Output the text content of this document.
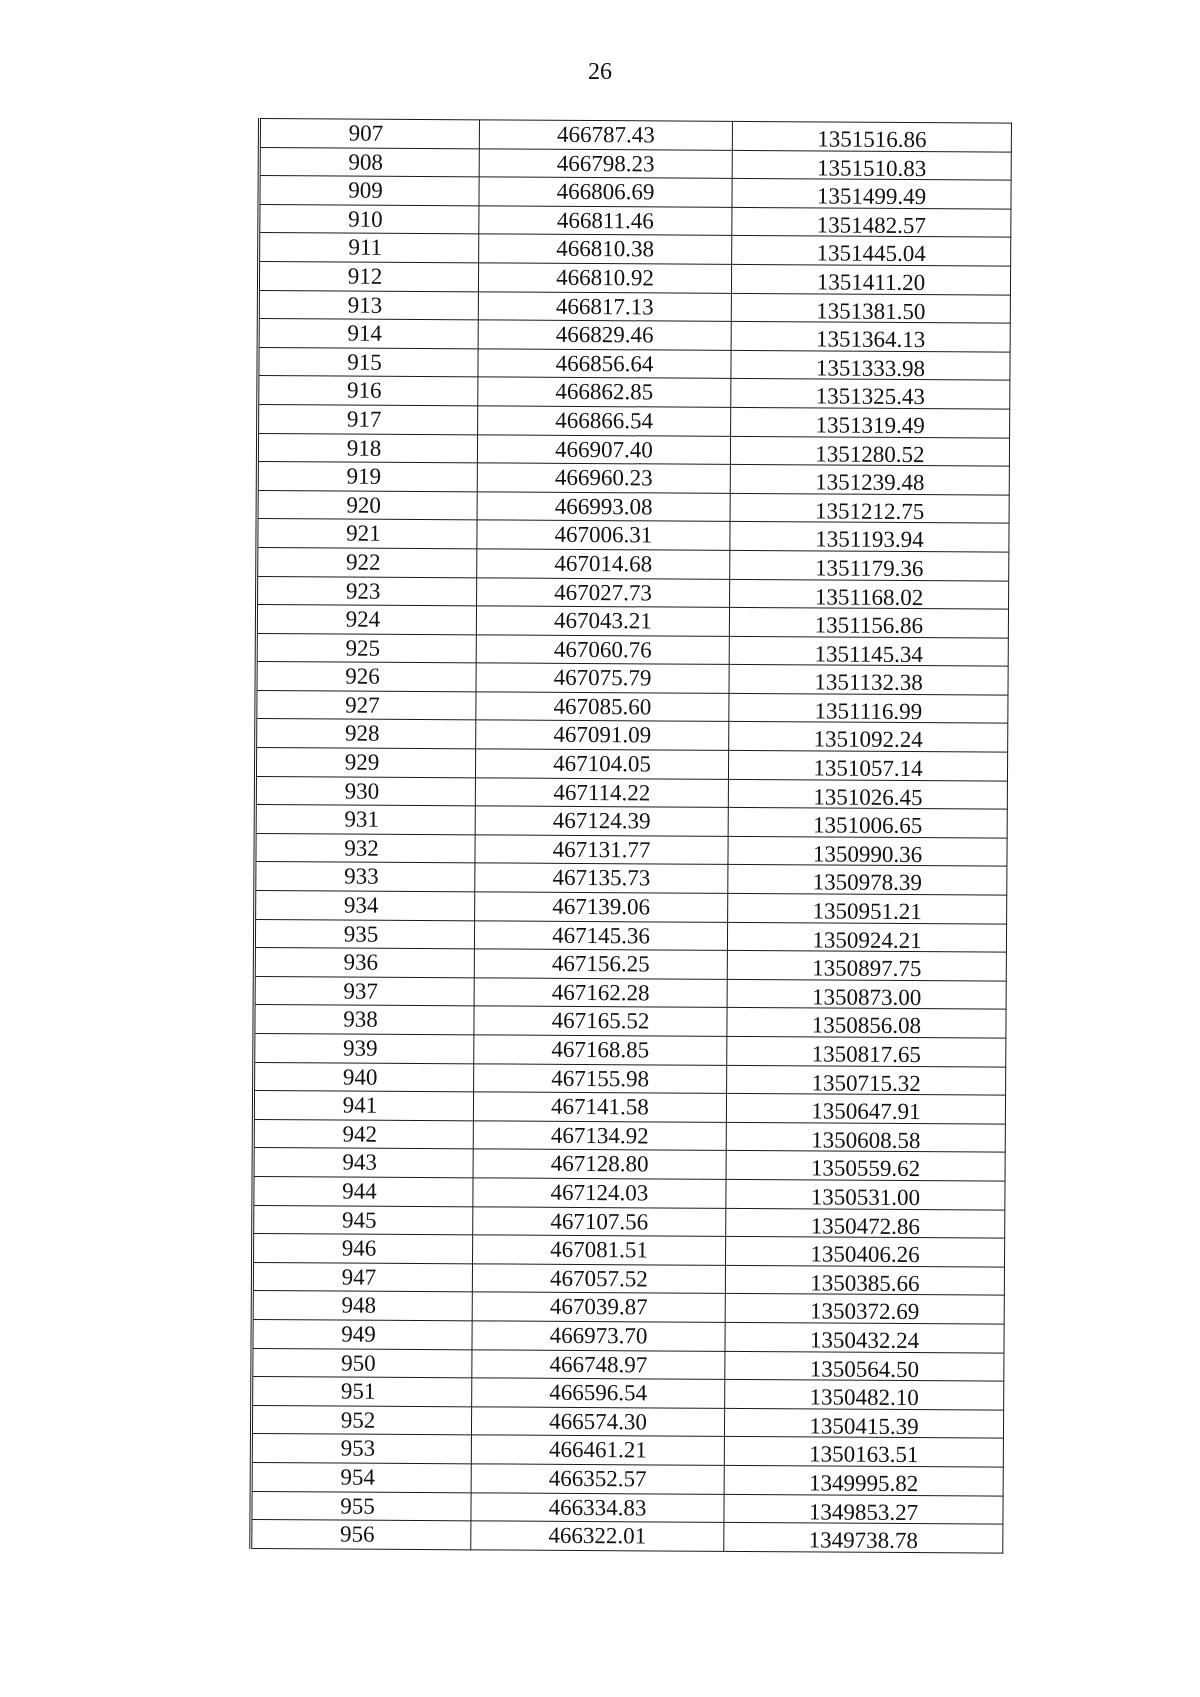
26
907	466787.43	1351516.86
908	466798.23	1351510.83
909	466806.69	1351499.49
910	466811.46	1351482.57
911	466810.38	1351445.04
912	466810.92	1351411.20
913	466817.13	1351381.50
914	466829.46	1351364.13
915	466856.64	1351333.98
916	466862.85	1351325.43
917	466866.54	1351319.49
918	466907.40	1351280.52
919	466960.23	1351239.48
920	466993.08	1351212.75
921	467006.31	1351193.94
922	467014.68	1351179.36
923	467027.73	1351168.02
924	467043.21	1351156.86
925	467060.76	1351145.34
926	467075.79	1351132.38
927	467085.60	1351116.99
928	467091.09	1351092.24
929	467104.05	1351057.14
930	467114.22	1351026.45
931	467124.39	1351006.65
932	467131.77	1350990.36
933	467135.73	1350978.39
934	467139.06	1350951.21
935	467145.36	1350924.21
936	467156.25	1350897.75
937	467162.28	1350873.00
938	467165.52	1350856.08
939	467168.85	1350817.65
940	467155.98	1350715.32
941	467141.58	1350647.91
942	467134.92	1350608.58
943	467128.80	1350559.62
944	467124.03	1350531.00
945	467107.56	1350472.86
946	467081.51	1350406.26
947	467057.52	1350385.66
948	467039.87	1350372.69
949	466973.70	1350432.24
950	466748.97	1350564.50
951	466596.54	1350482.10
952	466574.30	1350415.39
953	466461.21	1350163.51
954	466352.57	1349995.82
955	466334.83	1349853.27
956	466322.01	1349738.78
